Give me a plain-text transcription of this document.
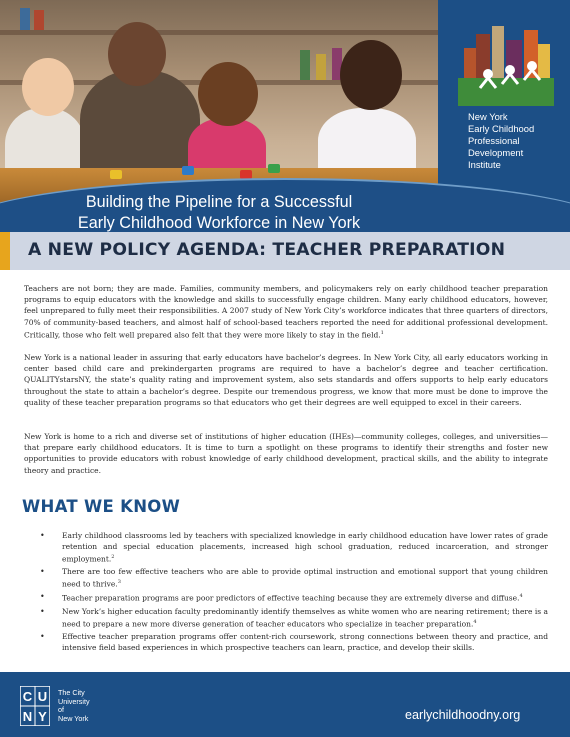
New York
Early Childhood
Professional
Development
Institute
Building the Pipeline for a Successful
Early Childhood Workforce in New York
A NEW POLICY AGENDA: TEACHER PREPARATION

Teachers are not born; they are made. Families, community members, and policymakers rely on early childhood teacher preparation programs to equip educators with the knowledge and skills to successfully engage children. Many early childhood educators, however, feel unprepared to fully meet their responsibilities. A 2007 study of New York City’s workforce indicates that three quarters of directors, 70% of community-based teachers, and almost half of school-based teachers reported the need for additional professional development. Critically, those who felt well prepared also felt that they were more likely to stay in the field.$^1$

New York is a national leader in assuring that early educators have bachelor’s degrees. In New York City, all early educators working in center based child care and prekindergarten programs are required to have a bachelor’s degree and teacher certification. QUALITYstarsNY, the state’s quality rating and improvement system, also sets standards and offers supports to help early educators throughout the state to attain a bachelor’s degree. Despite our tremendous progress, we know that more must be done to improve the quality of these teacher preparation programs so that educators who get their degrees are well equipped to excel in their careers.

New York is home to a rich and diverse set of institutions of higher education (IHEs)—community colleges, colleges, and universities—that prepare early childhood educators. It is time to turn a spotlight on these programs to identify their strengths and foster new opportunities to provide educators with robust knowledge of early childhood development, practical skills, and the ability to integrate theory and practice.

WHAT WE KNOW
• Early childhood classrooms led by teachers with specialized knowledge in early childhood education have lower rates of grade retention and special education placements, increased high school graduation, reduced incarceration, and stronger employment.$^2$
• There are too few effective teachers who are able to provide optimal instruction and emotional support that young children need to thrive.$^3$
• Teacher preparation programs are poor predictors of effective teaching because they are extremely diverse and diffuse.$^4$
• New York’s higher education faculty predominantly identify themselves as white women who are nearing retirement; there is a need to prepare a new more diverse generation of teacher educators who specialize in teacher preparation.$^4$
• Effective teacher preparation programs offer content-rich coursework, strong connections between theory and practice, and intensive field based experiences in which prospective teachers can learn, practice, and develop their skills.
C U
N Y
The City
University
of
New York	earlychildhoodny.org
